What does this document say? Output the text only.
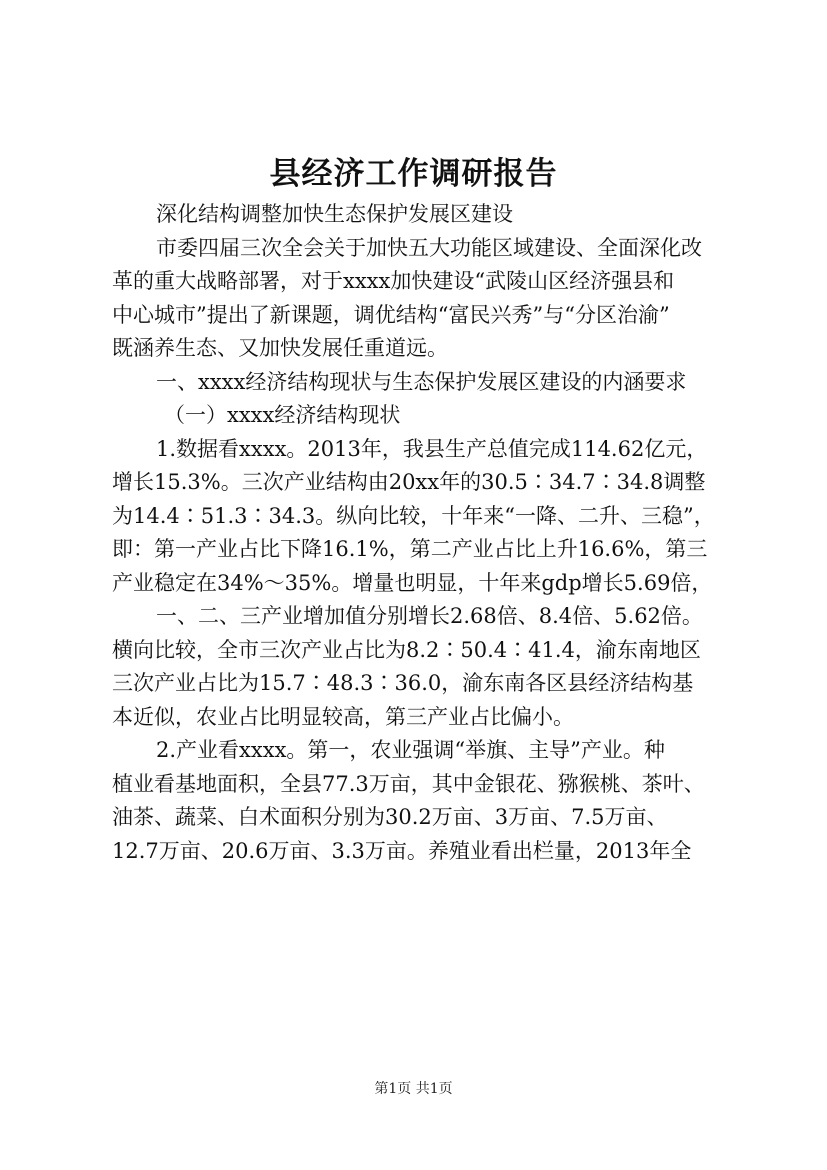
县经济工作调研报告
深化结构调整加快生态保护发展区建设
市委四届三次全会关于加快五大功能区域建设、全面深化改
革的重大战略部署，对于xxxx加快建设“武陵山区经济强县和
中心城市”提出了新课题，调优结构“富民兴秀”与“分区治渝”
既涵养生态、又加快发展任重道远。
一、xxxx经济结构现状与生态保护发展区建设的内涵要求
（一）xxxx经济结构现状
1.数据看xxxx。2013年，我县生产总值完成114.62亿元，
增长15.3%。三次产业结构由20xx年的30.5∶34.7∶34.8调整
为14.4∶51.3∶34.3。纵向比较，十年来“一降、二升、三稳”，
即：第一产业占比下降16.1%，第二产业占比上升16.6%，第三
产业稳定在34%～35%。增量也明显，十年来gdp增长5.69倍，
一、二、三产业增加值分别增长2.68倍、8.4倍、5.62倍。
横向比较，全市三次产业占比为8.2∶50.4∶41.4，渝东南地区
三次产业占比为15.7∶48.3∶36.0，渝东南各区县经济结构基
本近似，农业占比明显较高，第三产业占比偏小。
2.产业看xxxx。第一，农业强调“举旗、主导”产业。种
植业看基地面积，全县77.3万亩，其中金银花、猕猴桃、茶叶、
油茶、蔬菜、白术面积分别为30.2万亩、3万亩、7.5万亩、
12.7万亩、20.6万亩、3.3万亩。养殖业看出栏量，2013年全
第1页 共1页
